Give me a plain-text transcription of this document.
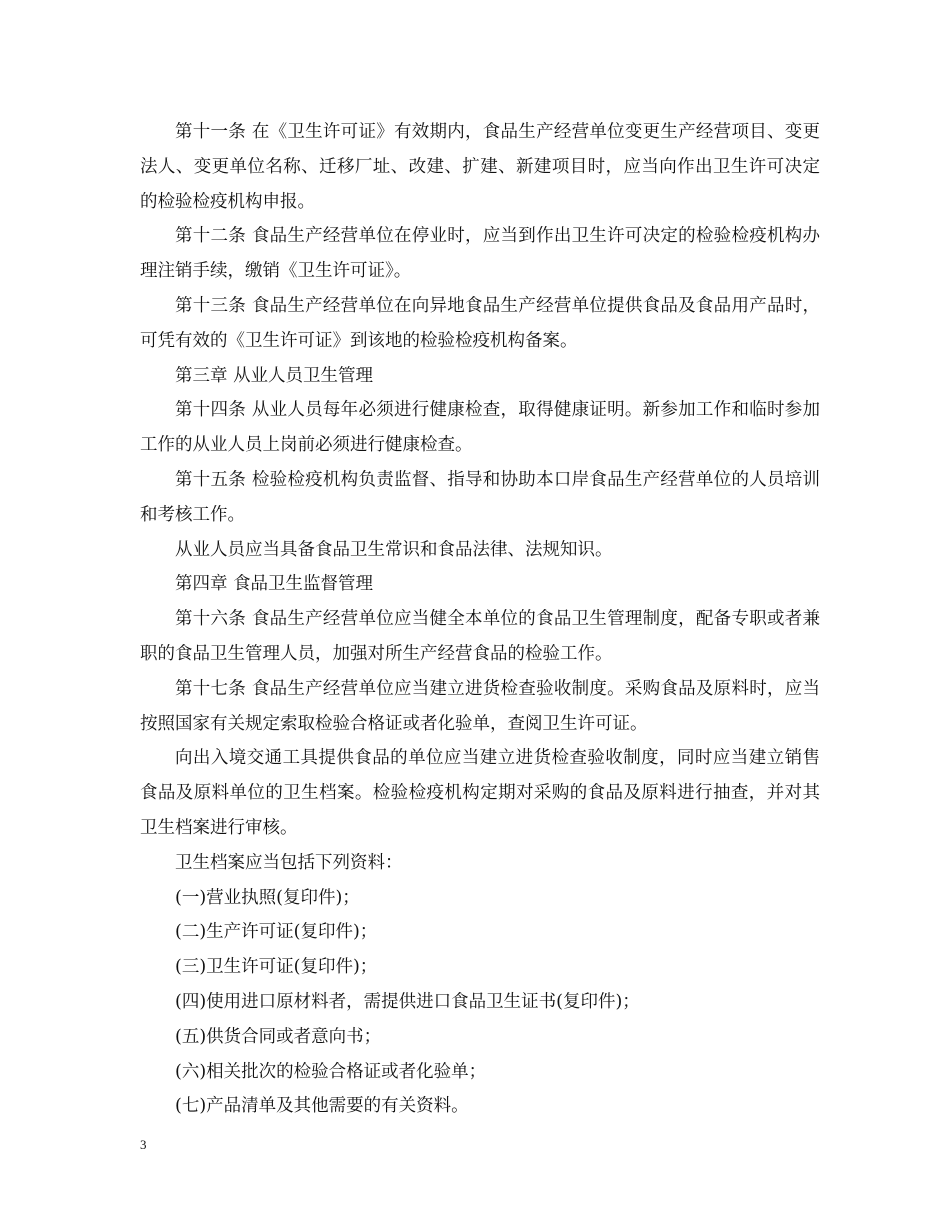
第十一条 在《卫生许可证》有效期内，食品生产经营单位变更生产经营项目、变更法人、变更单位名称、迁移厂址、改建、扩建、新建项目时，应当向作出卫生许可决定的检验检疫机构申报。

第十二条 食品生产经营单位在停业时，应当到作出卫生许可决定的检验检疫机构办理注销手续，缴销《卫生许可证》。

第十三条 食品生产经营单位在向异地食品生产经营单位提供食品及食品用产品时，可凭有效的《卫生许可证》到该地的检验检疫机构备案。

第三章 从业人员卫生管理

第十四条 从业人员每年必须进行健康检查，取得健康证明。新参加工作和临时参加工作的从业人员上岗前必须进行健康检查。

第十五条 检验检疫机构负责监督、指导和协助本口岸食品生产经营单位的人员培训和考核工作。

从业人员应当具备食品卫生常识和食品法律、法规知识。

第四章 食品卫生监督管理

第十六条 食品生产经营单位应当健全本单位的食品卫生管理制度，配备专职或者兼职的食品卫生管理人员，加强对所生产经营食品的检验工作。

第十七条 食品生产经营单位应当建立进货检查验收制度。采购食品及原料时，应当按照国家有关规定索取检验合格证或者化验单，查阅卫生许可证。

向出入境交通工具提供食品的单位应当建立进货检查验收制度，同时应当建立销售食品及原料单位的卫生档案。检验检疫机构定期对采购的食品及原料进行抽查，并对其卫生档案进行审核。

卫生档案应当包括下列资料：

(一)营业执照(复印件)；

(二)生产许可证(复印件)；

(三)卫生许可证(复印件)；

(四)使用进口原材料者，需提供进口食品卫生证书(复印件)；

(五)供货合同或者意向书；

(六)相关批次的检验合格证或者化验单；

(七)产品清单及其他需要的有关资料。

3
